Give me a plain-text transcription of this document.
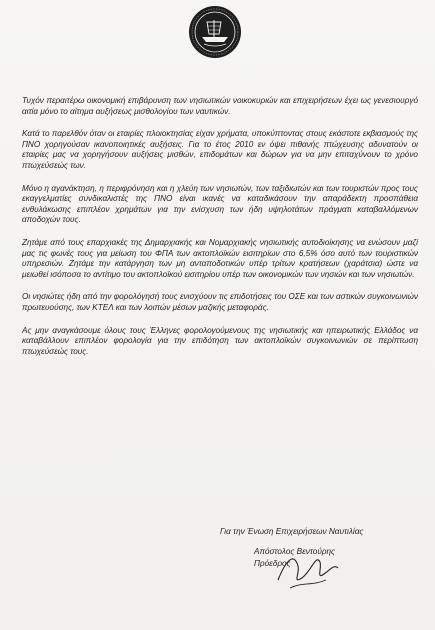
Τυχόν περαιτέρω οικονομική επιβάρυνση των νησιωτικών νοικοκυριών και επιχειρήσεων έχει ως γενεσιουργό αιτία μόνο το αίτημα αυξήσεως μισθολογίου των ναυτικών.

Κατά το παρελθόν όταν οι εταιρίες πλοιοκτησίας είχαν χρήματα, υποκύπτοντας στους εκάστοτε εκβιασμούς της ΠΝΟ χορηγούσαν ικανοποιητικές αυξήσεις. Για το έτος 2010 εν όψει πιθανής πτώχευσης αδυνατούν οι εταιρίες μας να χορηγήσουν αυξήσεις μισθών, επιδομάτων και δώρων για να μην επιταχύνουν το χρόνο πτωχεύσεώς των.

Μόνο η αγανάκτηση, η περιφρόνηση και η χλεύη των νησιωτών, των ταξιδιωτών και των τουριστών προς τους εκαγγελματίες συνδικαλιστές της ΠΝΟ είναι ικανές να καταδικάσουν την απαράδεκτη προσπάθεια ενθυλάκωσης επιπλέον χρημάτων για την ενίσχυση των ήδη υψηλοτάτων πράγματι καταβαλλόμενων αποδοχών τους.

Ζητάμε από τους επαρχιακές της Δημαρχιακής και Νομαρχιακής νησιωτικής αυτοδιοίκησης να ενώσουν μαζί μας τις φωνές τους για μείωση του ΦΠΑ των ακτοπλοϊκών εισιτηρίων στο 6,5% όσο αυτό των τουριστικών υπηρεσιών. Ζητάμε την κατάργηση των μη ανταποδοτικών υπέρ τρίτων κρατήσεων (χαράτσια) ώστε να μειωθεί ισόποσα το αντίτιμο του ακτοπλοϊκού εισιτηρίου υπέρ των οικονομικών των νησιών και των νησιωτών.

Οι νησιώτες ήδη από την φορολόγησή τους ενισχύουν τις επιδοτήσεις του ΟΣΕ και των αστικών συγκοινωνιών πρωτευούσης, των ΚΤΕΛ και των λοιπών μέσων μαζικής μεταφοράς.

Ας μην αναγκάσουμε όλους τους Έλληνες φορολογούμενους της νησιωτικής και ηπειρωτικής Ελλάδος να καταβάλλουν επιπλέον φορολογία για την επιδότηση των ακτοπλοϊκών συγκοινωνιών σε περίπτωση πτωχεύσεώς τους.

Για την Ένωση Επιχειρήσεων Ναυτιλίας
Απόστολος Βεντούρης
Πρόεδρος
